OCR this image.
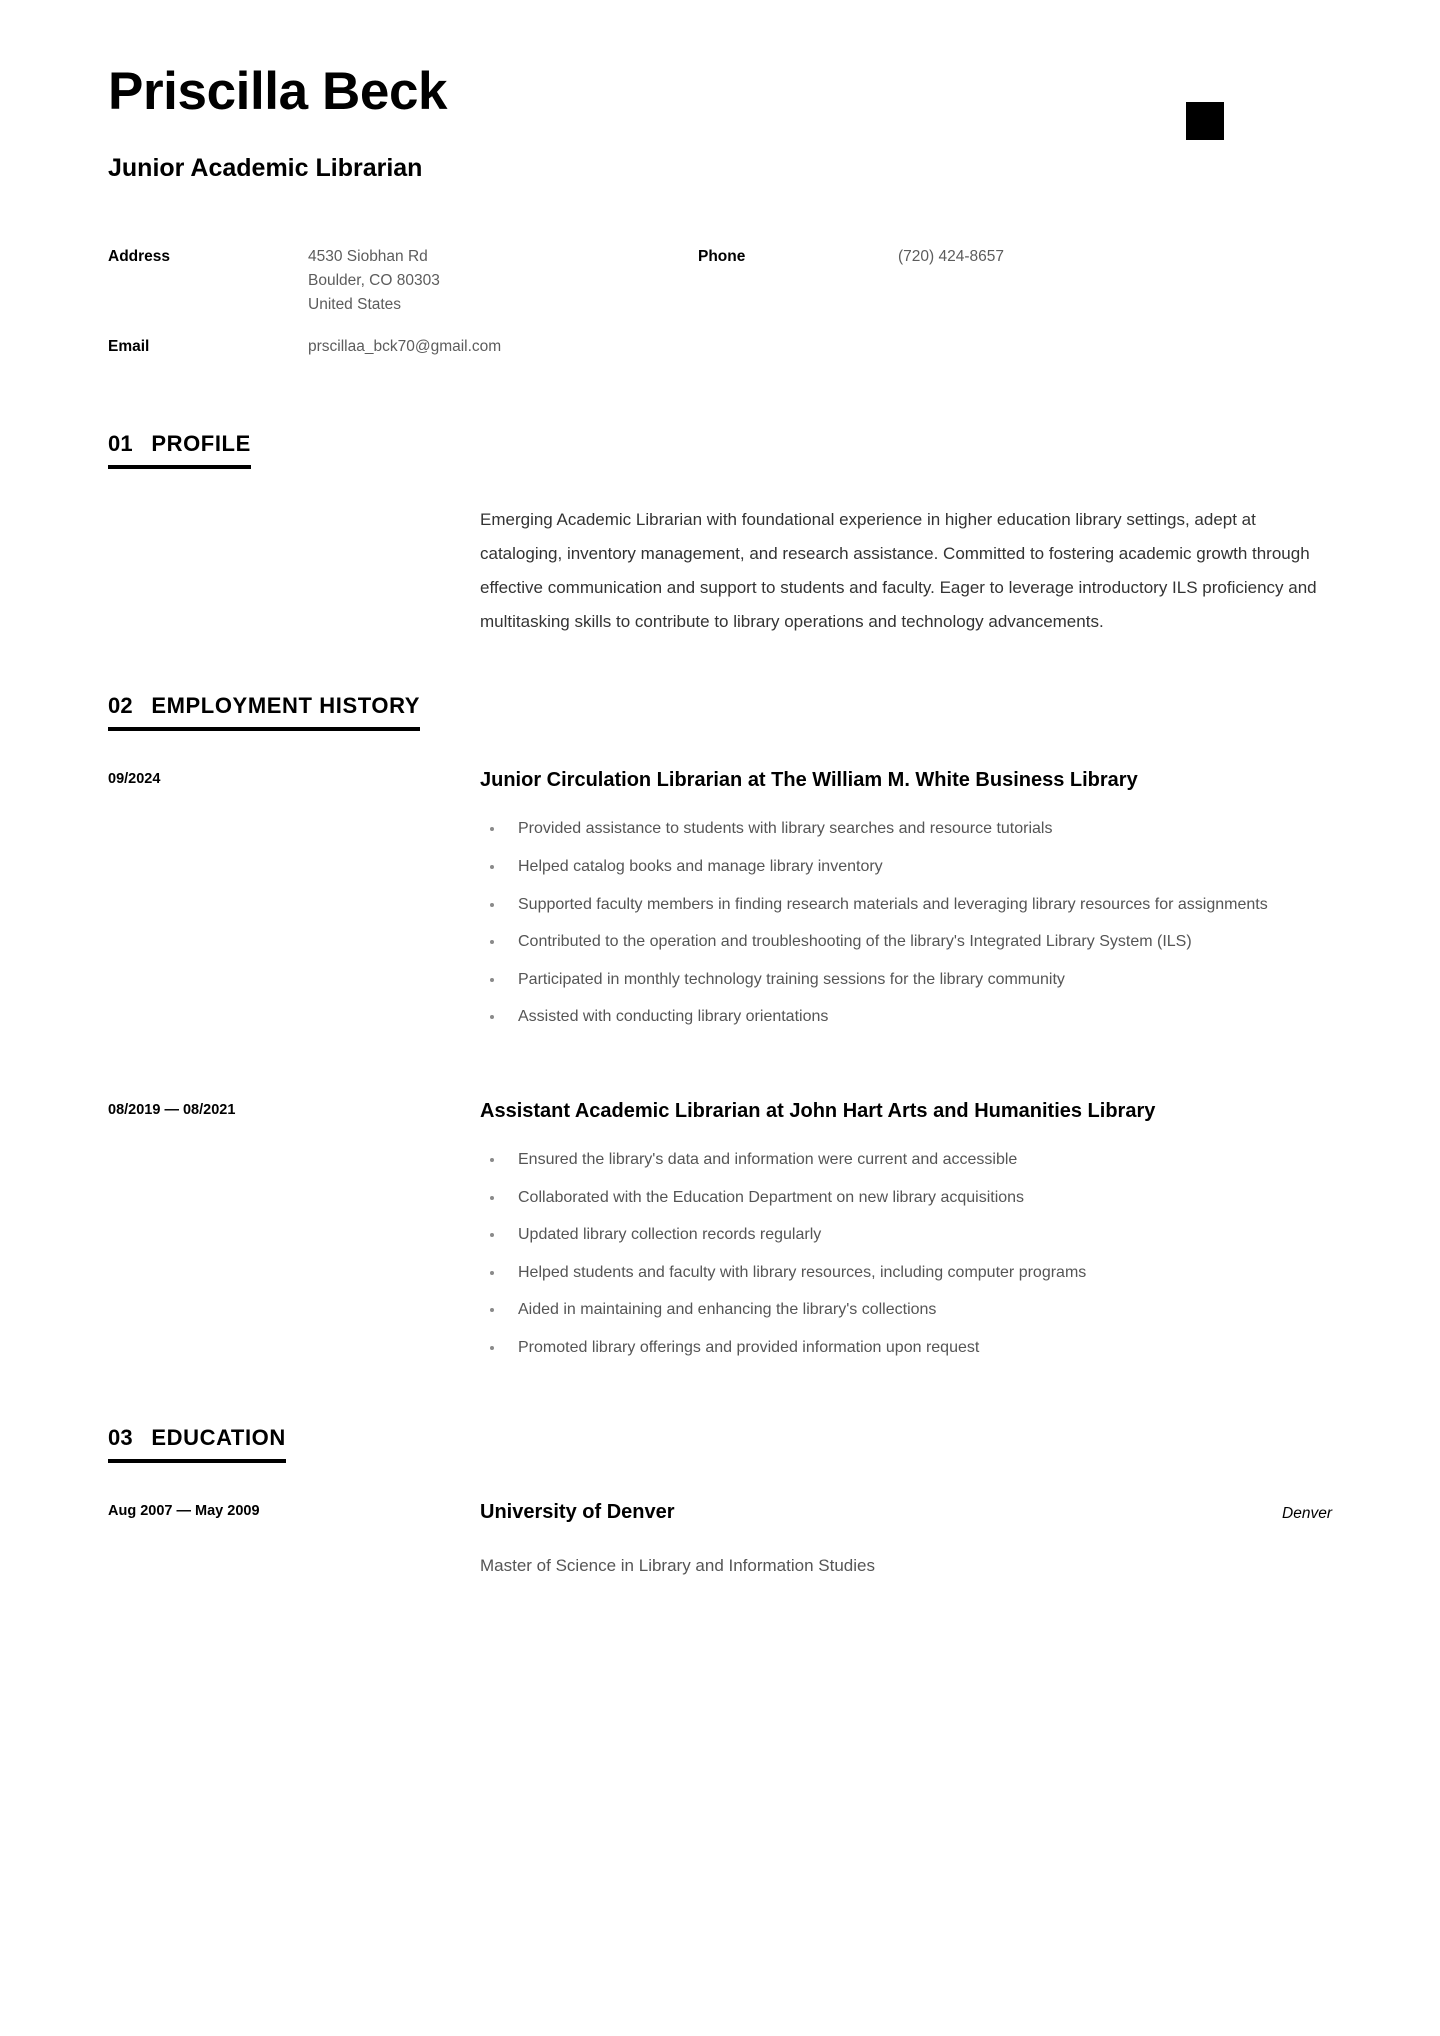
Priscilla Beck
Junior Academic Librarian
Address	4530 Siobhan Rd
Boulder, CO 80303
United States
Email	prscillaa_bck70@gmail.com
Phone	(720) 424-8657
01 PROFILE

Emerging Academic Librarian with foundational experience in higher education library settings, adept at cataloging, inventory management, and research assistance. Committed to fostering academic growth through effective communication and support to students and faculty. Eager to leverage introductory ILS proficiency and multitasking skills to contribute to library operations and technology advancements.

02 EMPLOYMENT HISTORY
09/2024	Junior Circulation Librarian at The William M. White Business Library

Provided assistance to students with library searches and resource tutorials
Helped catalog books and manage library inventory
Supported faculty members in finding research materials and leveraging library resources for assignments
Contributed to the operation and troubleshooting of the library's Integrated Library System (ILS)
Participated in monthly technology training sessions for the library community
Assisted with conducting library orientations
08/2019 — 08/2021	Assistant Academic Librarian at John Hart Arts and Humanities Library

Ensured the library's data and information were current and accessible
Collaborated with the Education Department on new library acquisitions
Updated library collection records regularly
Helped students and faculty with library resources, including computer programs
Aided in maintaining and enhancing the library's collections
Promoted library offerings and provided information upon request
03 EDUCATION
Aug 2007 — May 2009	University of Denver	Denver

Master of Science in Library and Information Studies
